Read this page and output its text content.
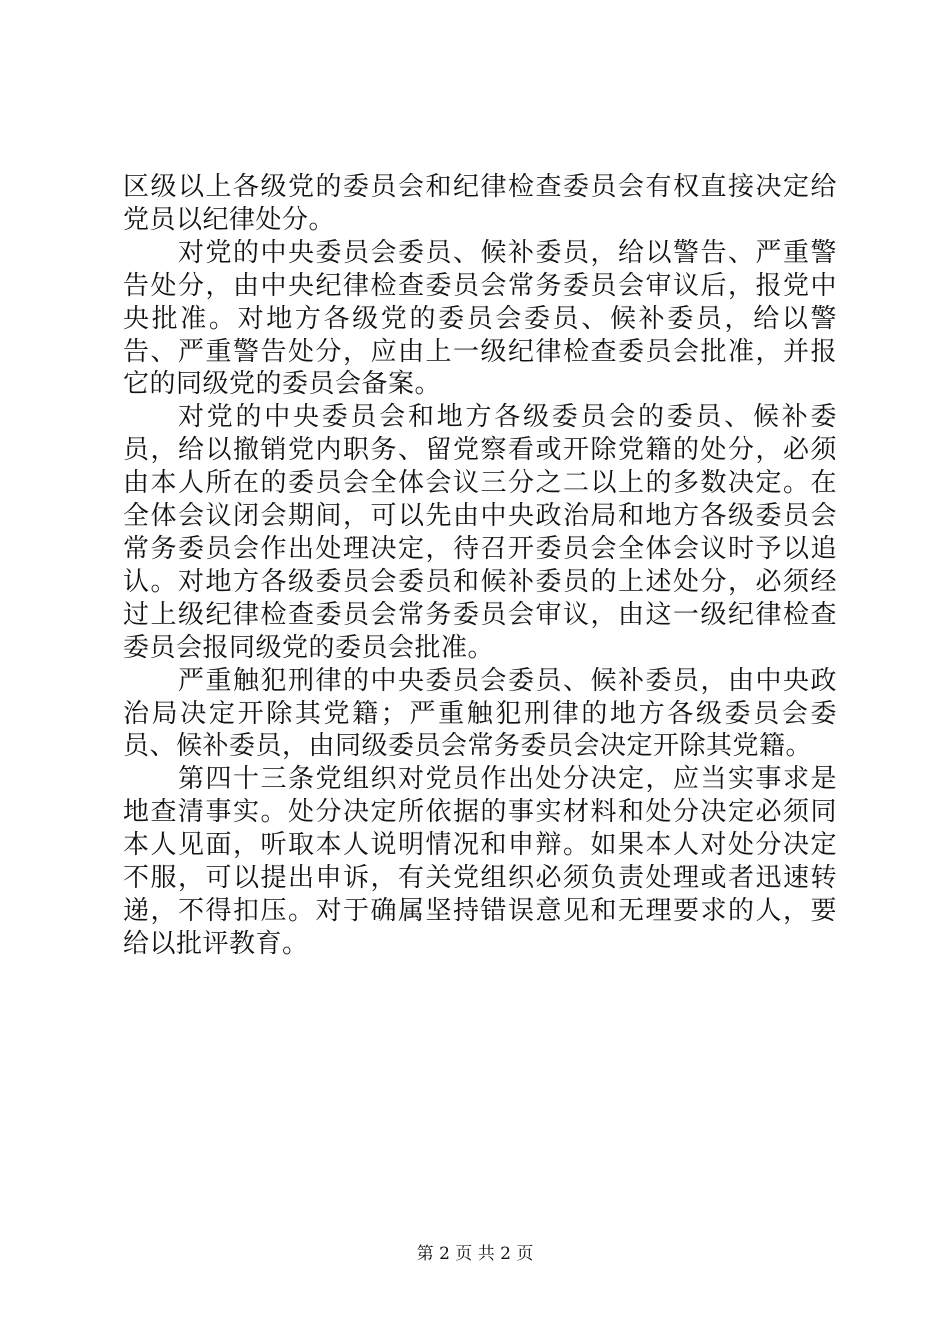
区级以上各级党的委员会和纪律检查委员会有权直接决定给党员以纪律处分。

对党的中央委员会委员、候补委员，给以警告、严重警告处分，由中央纪律检查委员会常务委员会审议后，报党中央批准。对地方各级党的委员会委员、候补委员，给以警告、严重警告处分，应由上一级纪律检查委员会批准，并报它的同级党的委员会备案。

对党的中央委员会和地方各级委员会的委员、候补委员，给以撤销党内职务、留党察看或开除党籍的处分，必须由本人所在的委员会全体会议三分之二以上的多数决定。在全体会议闭会期间，可以先由中央政治局和地方各级委员会常务委员会作出处理决定，待召开委员会全体会议时予以追认。对地方各级委员会委员和候补委员的上述处分，必须经过上级纪律检查委员会常务委员会审议，由这一级纪律检查委员会报同级党的委员会批准。

严重触犯刑律的中央委员会委员、候补委员，由中央政治局决定开除其党籍；严重触犯刑律的地方各级委员会委员、候补委员，由同级委员会常务委员会决定开除其党籍。

第四十三条党组织对党员作出处分决定，应当实事求是地查清事实。处分决定所依据的事实材料和处分决定必须同本人见面，听取本人说明情况和申辩。如果本人对处分决定不服，可以提出申诉，有关党组织必须负责处理或者迅速转递，不得扣压。对于确属坚持错误意见和无理要求的人，要给以批评教育。

第 2 页 共 2 页
